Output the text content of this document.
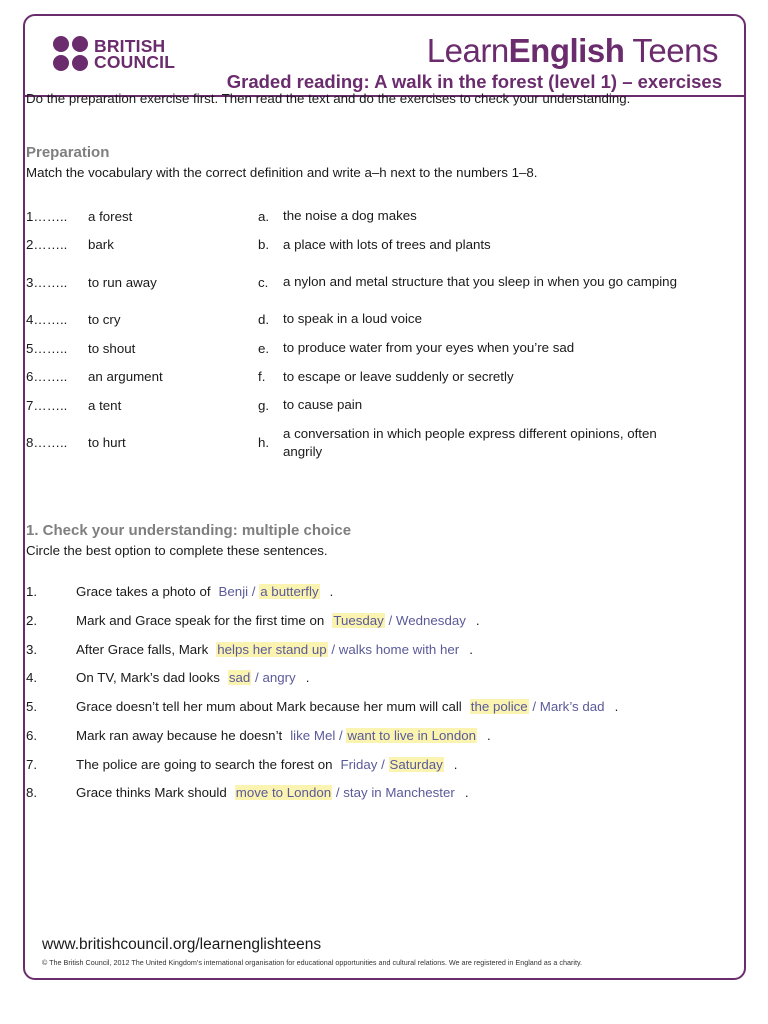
BRITISH
COUNCIL	LearnEnglish Teens
Graded reading: A walk in the forest (level 1) – exercises

Do the preparation exercise first. Then read the text and do the exercises to check your understanding.

Preparation

Match the vocabulary with the correct definition and write a–h next to the numbers 1–8.

1……..	a forest	a.	the noise a dog makes
2……..	bark	b.	a place with lots of trees and plants
3……..	to run away	c.	a nylon and metal structure that you sleep in when you go camping
4……..	to cry	d.	to speak in a loud voice
5……..	to shout	e.	to produce water from your eyes when you’re sad
6……..	an argument	f.	to escape or leave suddenly or secretly
7……..	a tent	g.	to cause pain
8……..	to hurt	h.
a conversation in which people express different opinions, often angrily
1. Check your understanding: multiple choice

Circle the best option to complete these sentences.

1.	Grace takes a photo of Benji / a butterfly .
2.	Mark and Grace speak for the first time on Tuesday / Wednesday .
3.	After Grace falls, Mark helps her stand up / walks home with her .
4.	On TV, Mark’s dad looks sad / angry .
5.	Grace doesn’t tell her mum about Mark because her mum will call the police / Mark’s dad .
6.	Mark ran away because he doesn’t like Mel / want to live in London .
7.	The police are going to search the forest on Friday / Saturday .
8.	Grace thinks Mark should move to London / stay in Manchester .
www.britishcouncil.org/learnenglishteens
© The British Council, 2012 The United Kingdom’s international organisation for educational opportunities and cultural relations. We are registered in England as a charity.
